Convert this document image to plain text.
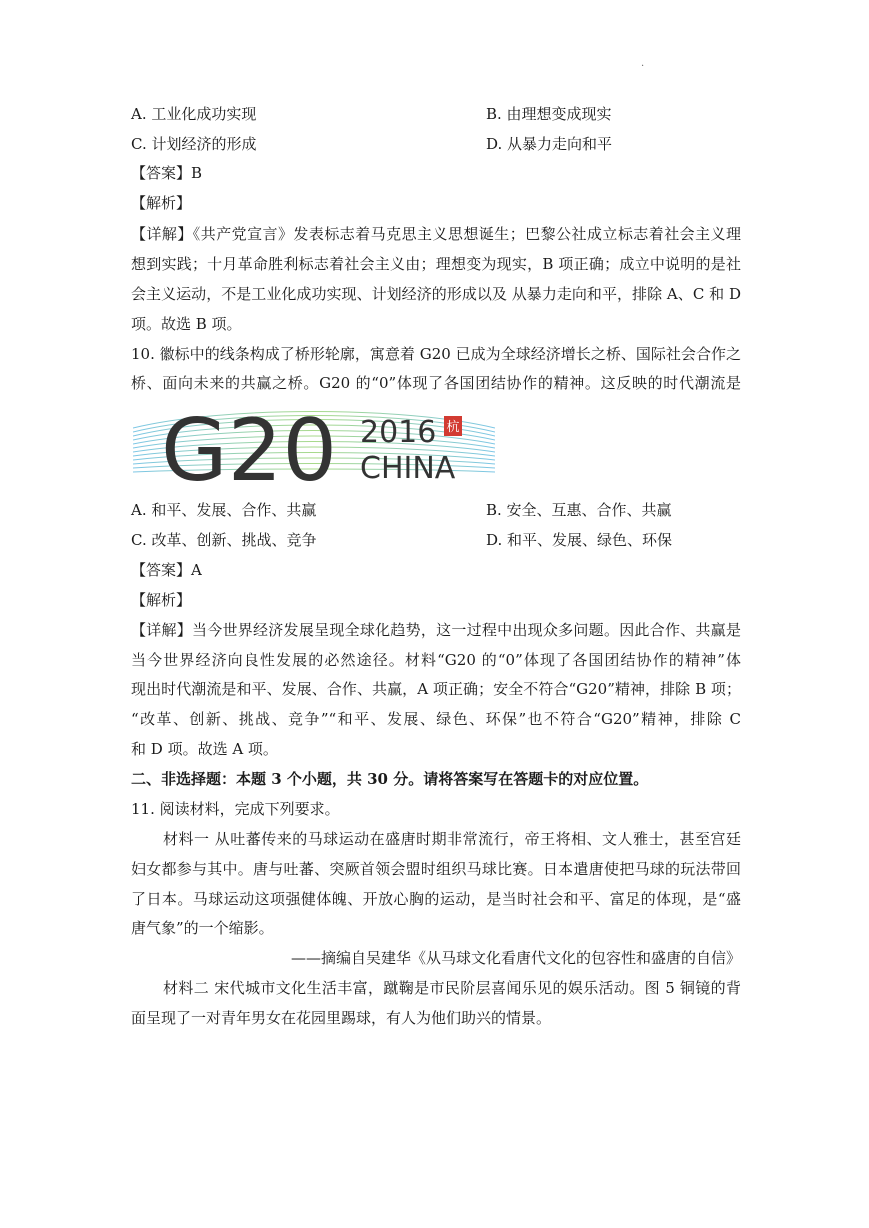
.
A. 工业化成功实现	B. 由理想变成现实
C. 计划经济的形成	D. 从暴力走向和平
【答案】B
【解析】
【详解】《共产党宣言》发表标志着马克思主义思想诞生；巴黎公社成立标志着社会主义理
想到实践；十月革命胜利标志着社会主义由；理想变为现实，B 项正确；成立中说明的是社
会主义运动，不是工业化成功实现、计划经济的形成以及 从暴力走向和平，排除 A、C 和 D
项。故选 B 项。
10. 徽标中的线条构成了桥形轮廓，寓意着 G20 已成为全球经济增长之桥、国际社会合作之
桥、面向未来的共赢之桥。G20 的“0”体现了各国团结协作的精神。这反映的时代潮流是
G20 2016 杭
CHINA
A. 和平、发展、合作、共赢	B. 安全、互惠、合作、共赢
C. 改革、创新、挑战、竞争	D. 和平、发展、绿色、环保
【答案】A
【解析】
【详解】当今世界经济发展呈现全球化趋势，这一过程中出现众多问题。因此合作、共赢是
当今世界经济向良性发展的必然途径。材料“G20 的“0”体现了各国团结协作的精神”体
现出时代潮流是和平、发展、合作、共赢，A 项正确；安全不符合“G20”精神，排除 B 项；
“改革、创新、挑战、竞争”“和平、发展、绿色、环保”也不符合“G20”精神，排除 C
和 D 项。故选 A 项。
二、非选择题：本题 3 个小题，共 30 分。请将答案写在答题卡的对应位置。
11. 阅读材料，完成下列要求。
材料一 从吐蕃传来的马球运动在盛唐时期非常流行，帝王将相、文人雅士，甚至宫廷
妇女都参与其中。唐与吐蕃、突厥首领会盟时组织马球比赛。日本遣唐使把马球的玩法带回
了日本。马球运动这项强健体魄、开放心胸的运动，是当时社会和平、富足的体现，是“盛
唐气象”的一个缩影。
——摘编自吴建华《从马球文化看唐代文化的包容性和盛唐的自信》
材料二 宋代城市文化生活丰富，蹴鞠是市民阶层喜闻乐见的娱乐活动。图 5 铜镜的背
面呈现了一对青年男女在花园里踢球，有人为他们助兴的情景。
